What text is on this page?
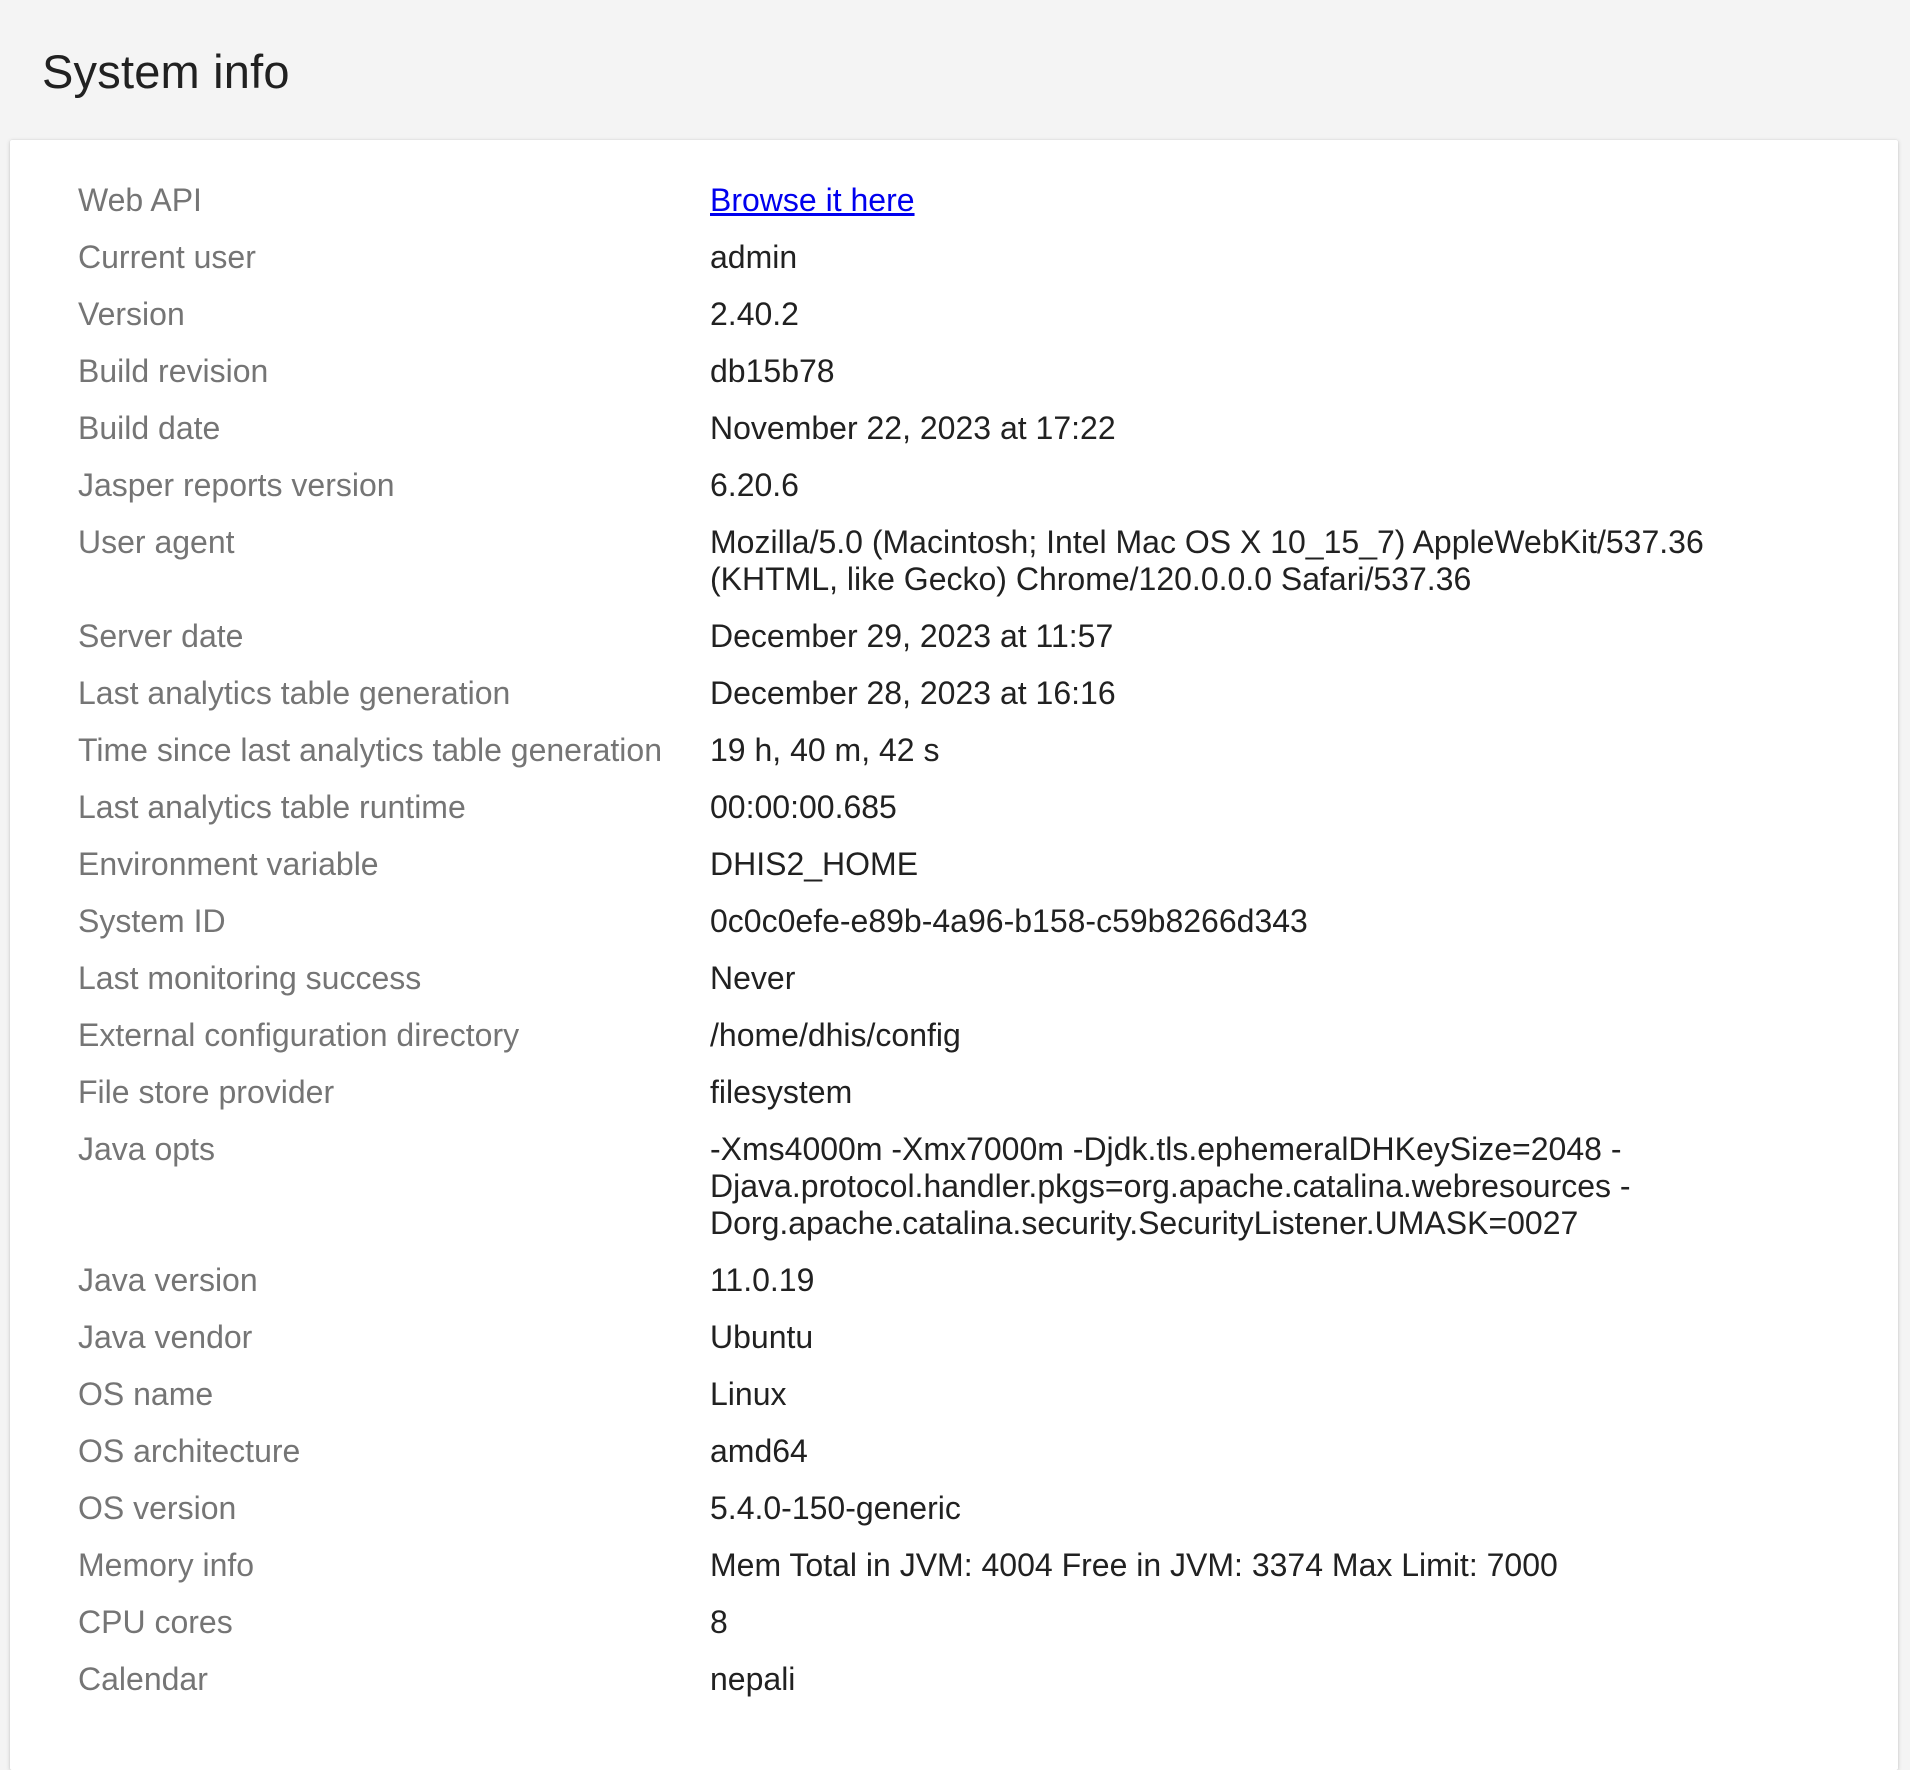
System info
Web API	Browse it here
Current user	admin
Version	2.40.2
Build revision	db15b78
Build date	November 22, 2023 at 17:22
Jasper reports version	6.20.6
User agent	Mozilla/5.0 (Macintosh; Intel Mac OS X 10_15_7) AppleWebKit/537.36 (KHTML, like Gecko) Chrome/120.0.0.0 Safari/537.36
Server date	December 29, 2023 at 11:57
Last analytics table generation	December 28, 2023 at 16:16
Time since last analytics table generation	19 h, 40 m, 42 s
Last analytics table runtime	00:00:00.685
Environment variable	DHIS2_HOME
System ID	0c0c0efe-e89b-4a96-b158-c59b8266d343
Last monitoring success	Never
External configuration directory	/home/dhis/config
File store provider	filesystem
Java opts	-Xms4000m -Xmx7000m -Djdk.tls.ephemeralDHKeySize=2048 -Djava.protocol.handler.pkgs=org.apache.catalina.webresources -Dorg.apache.catalina.security.SecurityListener.UMASK=0027
Java version	11.0.19
Java vendor	Ubuntu
OS name	Linux
OS architecture	amd64
OS version	5.4.0-150-generic
Memory info	Mem Total in JVM: 4004 Free in JVM: 3374 Max Limit: 7000
CPU cores	8
Calendar	nepali
